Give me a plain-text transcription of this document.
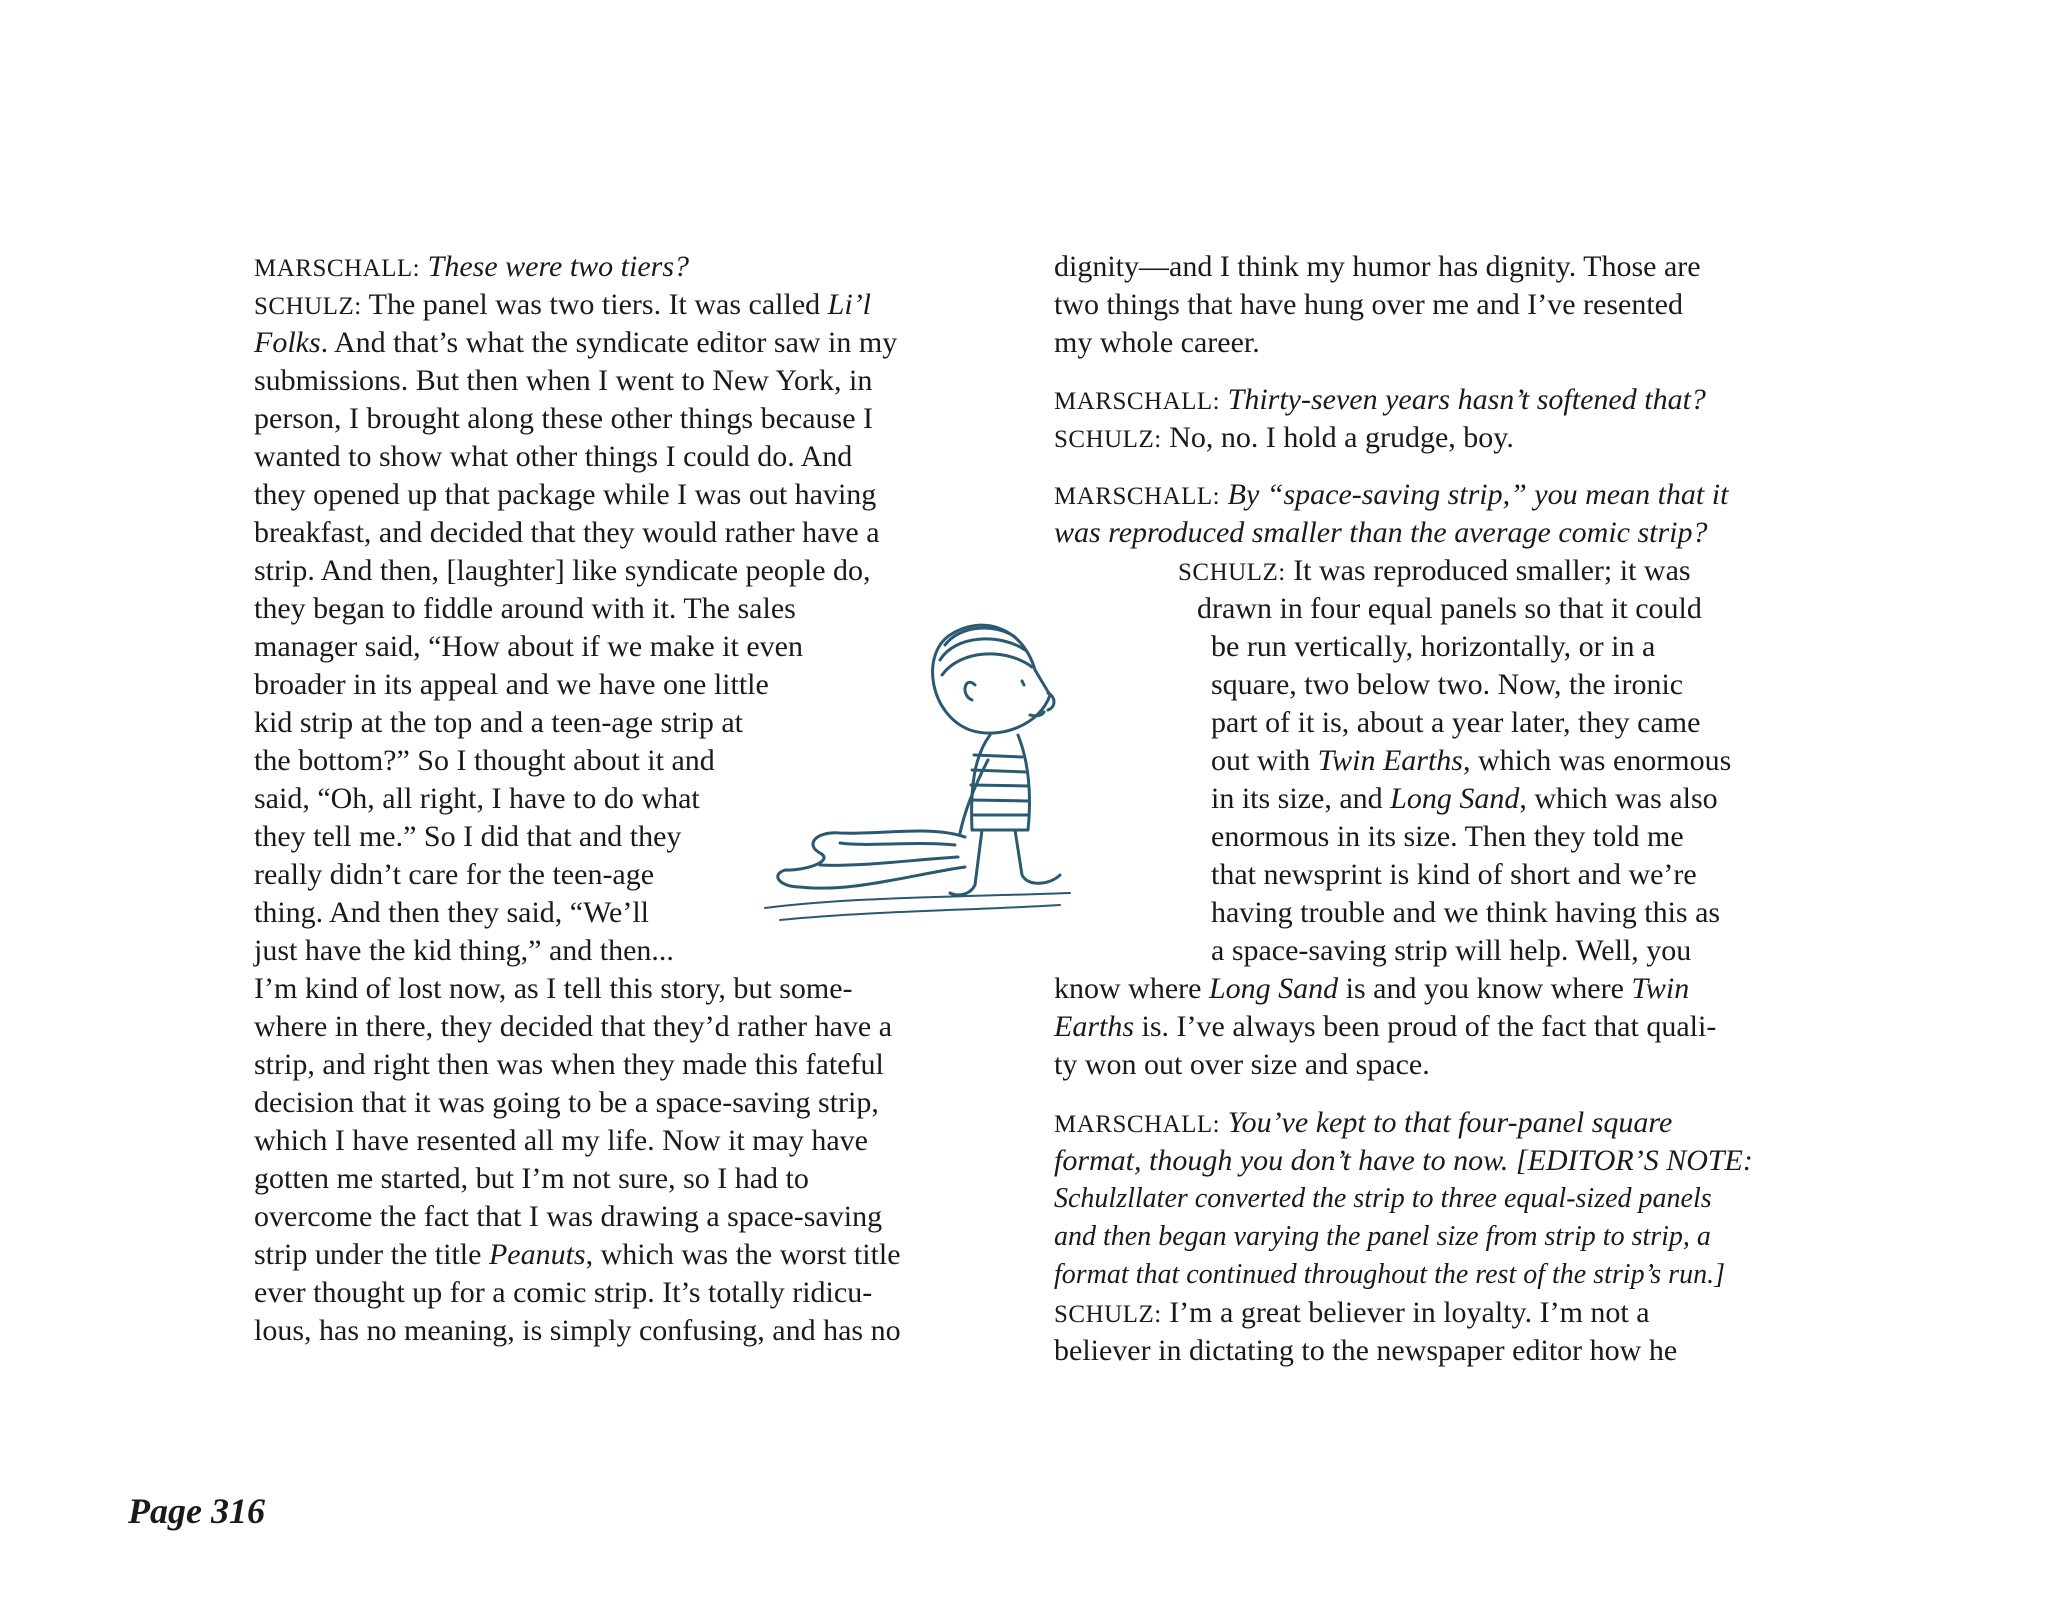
MARSCHALL: These were two tiers?
SCHULZ: The panel was two tiers. It was called Li’l
Folks. And that’s what the syndicate editor saw in my
submissions. But then when I went to New York, in
person, I brought along these other things because I
wanted to show what other things I could do. And
they opened up that package while I was out having
breakfast, and decided that they would rather have a
strip. And then, [laughter] like syndicate people do,
they began to fiddle around with it. The sales
manager said, “How about if we make it even
broader in its appeal and we have one little
kid strip at the top and a teen-age strip at
the bottom?” So I thought about it and
said, “Oh, all right, I have to do what
they tell me.” So I did that and they
really didn’t care for the teen-age
thing. And then they said, “We’ll
just have the kid thing,” and then...
I’m kind of lost now, as I tell this story, but some-
where in there, they decided that they’d rather have a
strip, and right then was when they made this fateful
decision that it was going to be a space-saving strip,
which I have resented all my life. Now it may have
gotten me started, but I’m not sure, so I had to
overcome the fact that I was drawing a space-saving
strip under the title Peanuts, which was the worst title
ever thought up for a comic strip. It’s totally ridicu-
lous, has no meaning, is simply confusing, and has no
dignity—and I think my humor has dignity. Those are
two things that have hung over me and I’ve resented
my whole career.
MARSCHALL: Thirty-seven years hasn’t softened that?
SCHULZ: No, no. I hold a grudge, boy.
MARSCHALL: By “space-saving strip,” you mean that it
was reproduced smaller than the average comic strip?
SCHULZ: It was reproduced smaller; it was
drawn in four equal panels so that it could
be run vertically, horizontally, or in a
square, two below two. Now, the ironic
part of it is, about a year later, they came
out with Twin Earths, which was enormous
in its size, and Long Sand, which was also
enormous in its size. Then they told me
that newsprint is kind of short and we’re
having trouble and we think having this as
a space-saving strip will help. Well, you
know where Long Sand is and you know where Twin
Earths is. I’ve always been proud of the fact that quali-
ty won out over size and space.
MARSCHALL: You’ve kept to that four-panel square
format, though you don’t have to now. [EDITOR’S NOTE:
Schulzllater converted the strip to three equal-sized panels
and then began varying the panel size from strip to strip, a
format that continued throughout the rest of the strip’s run.]
SCHULZ: I’m a great believer in loyalty. I’m not a
believer in dictating to the newspaper editor how he
Page 316
